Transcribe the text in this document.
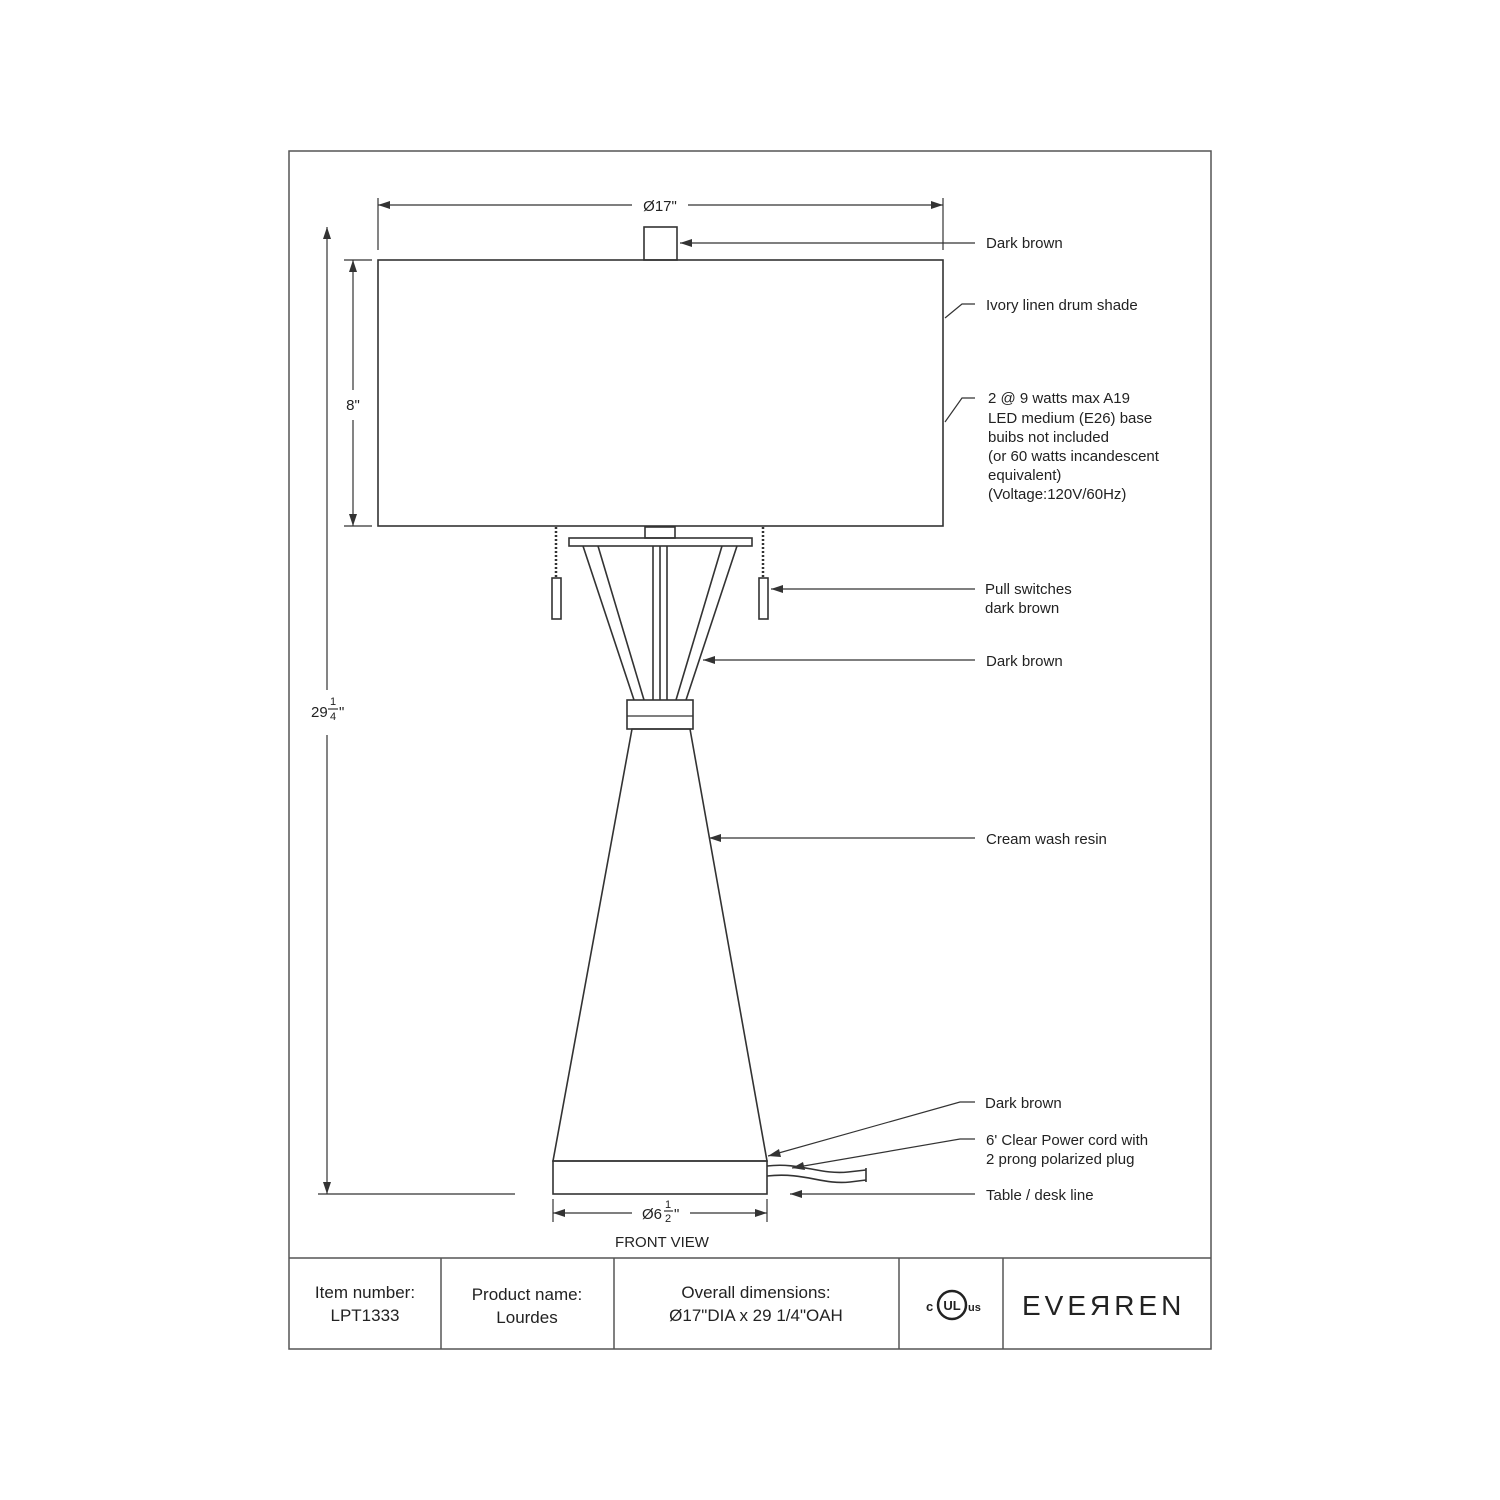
Ø17"
8"
29
1
4 "
Ø6
1
2 "
FRONT VIEW
Dark brown
Ivory linen drum shade
2 @ 9 watts max A19
LED medium (E26) base
buibs not included
(or 60 watts incandescent
equivalent)
(Voltage:120V/60Hz)
Pull switches
dark brown
Dark brown
Cream wash resin
Dark brown
6' Clear Power cord with
2 prong polarized plug
Table / desk line
Item number:
LPT1333
Product name:
Lourdes
Overall dimensions:
Ø17"DIA x 29 1/4"OAH	c UL us EVEЯREN
